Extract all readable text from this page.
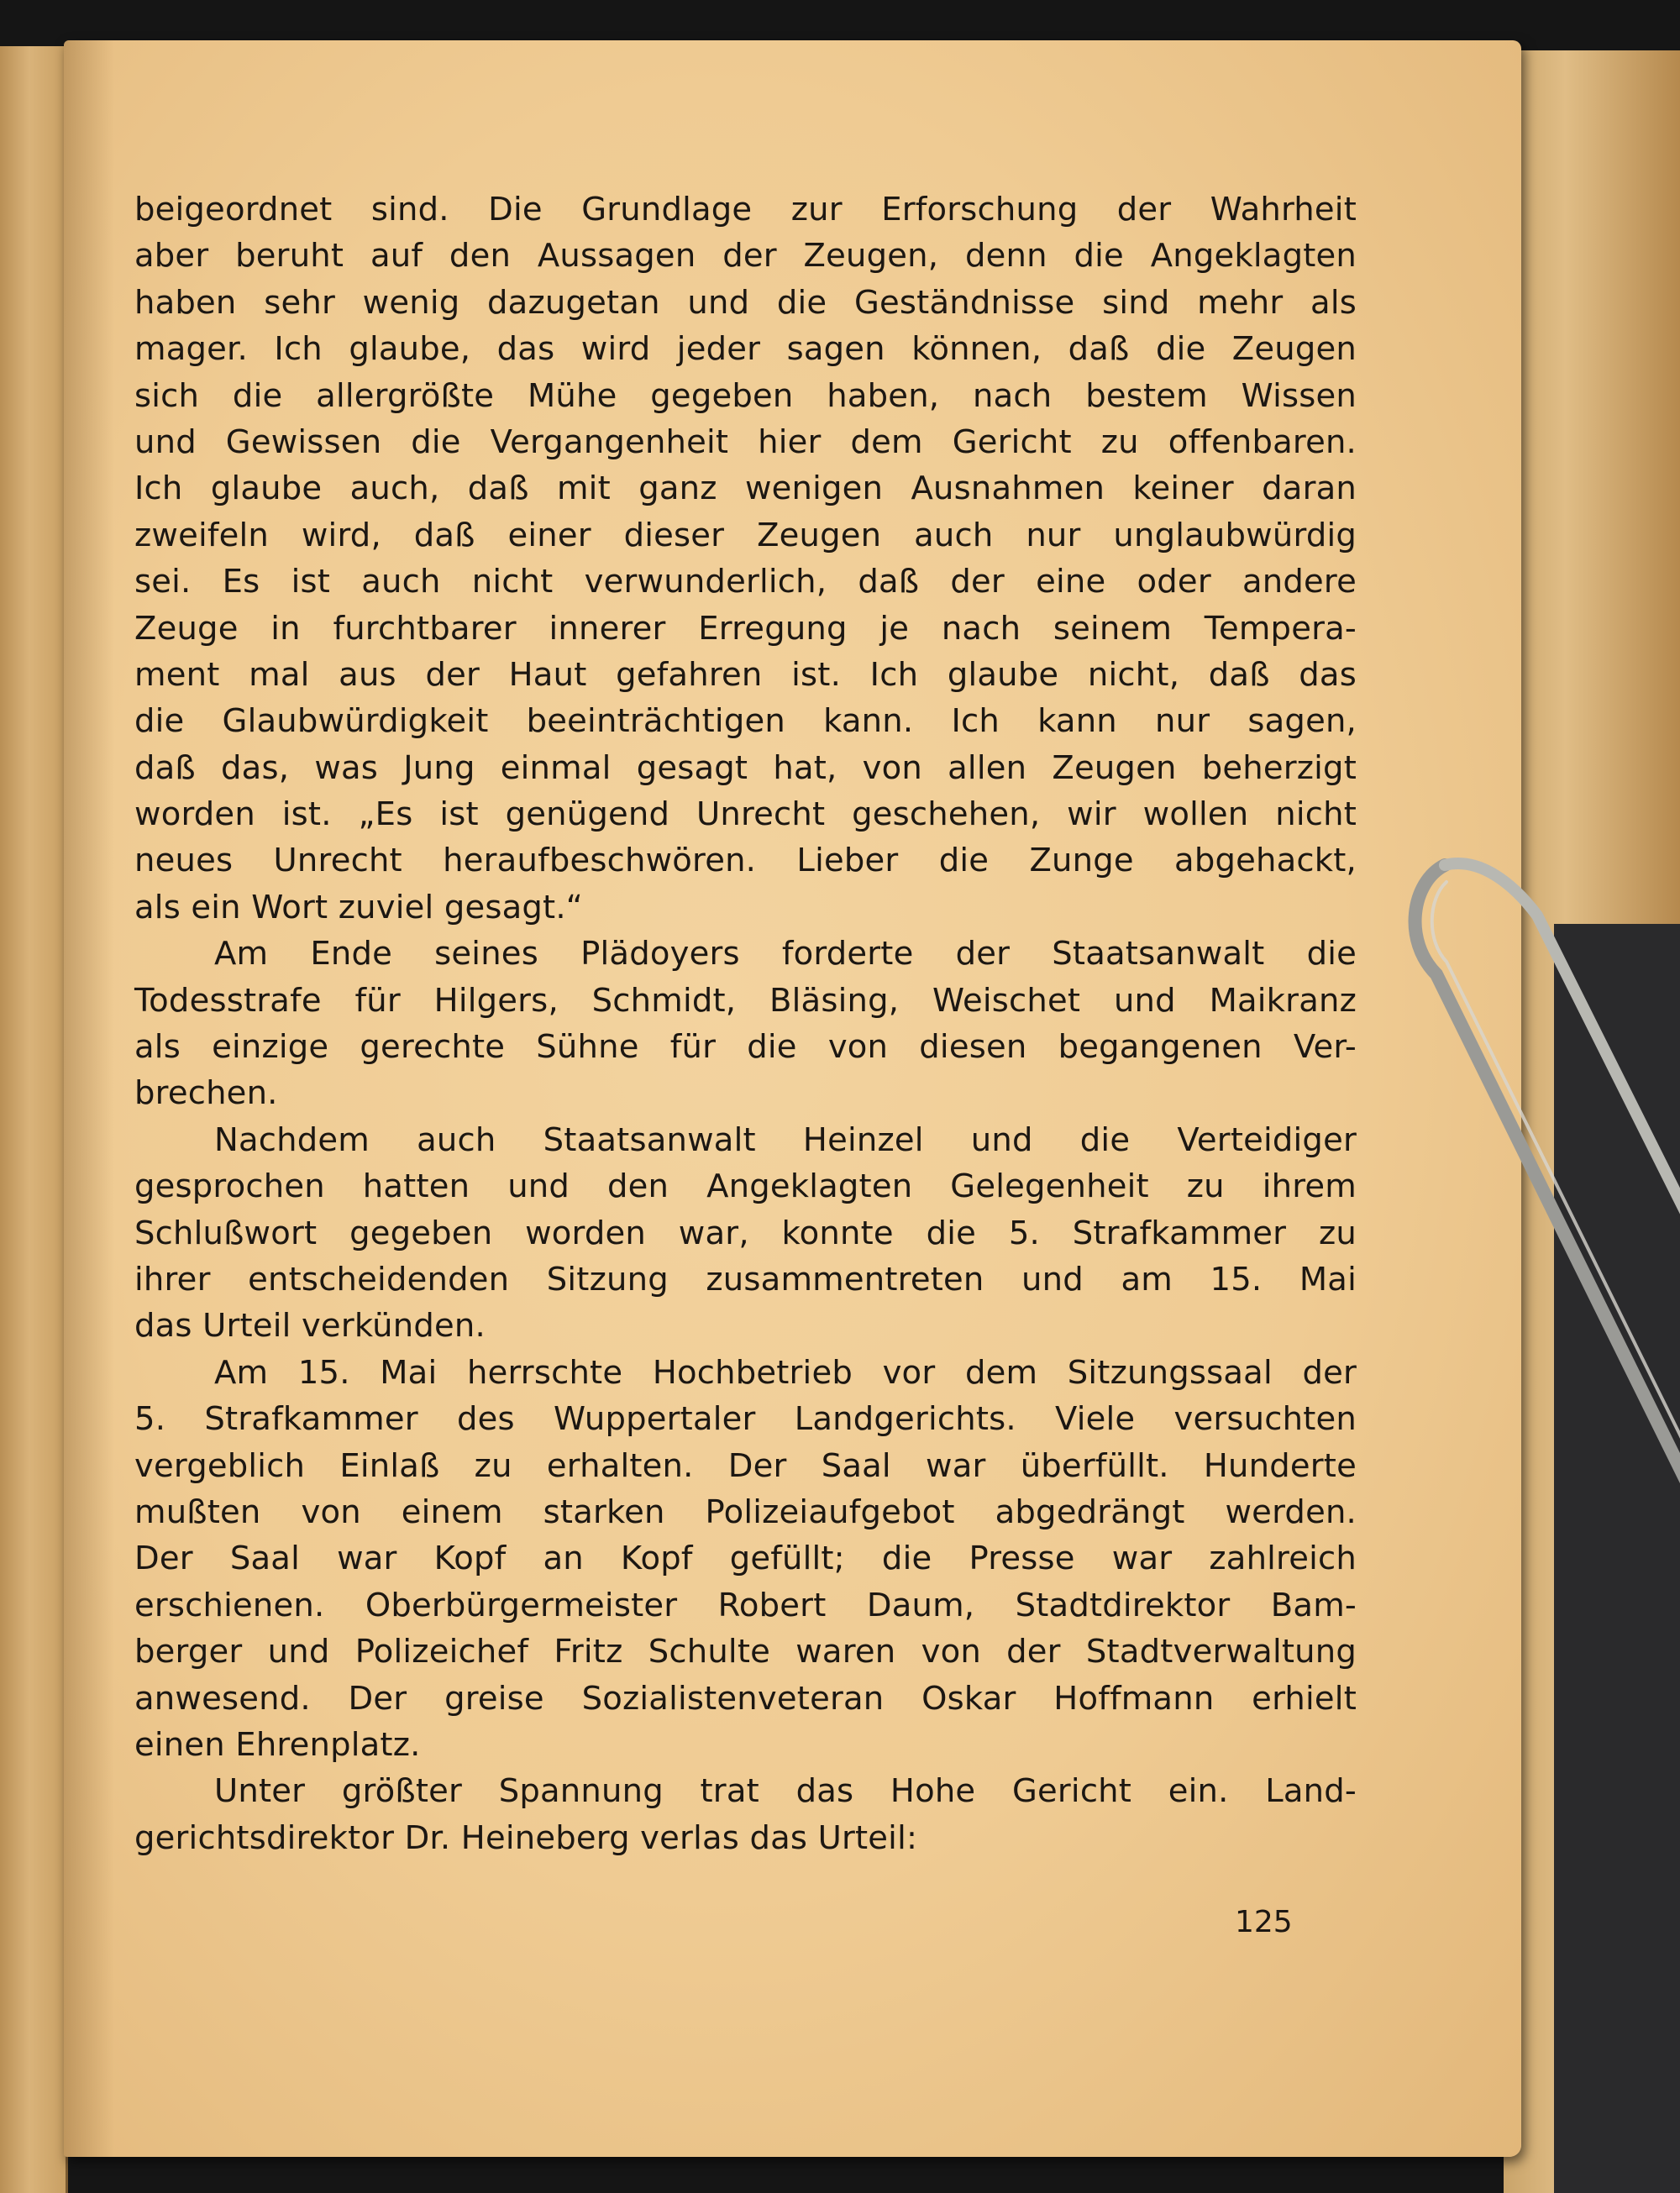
beigeordnet sind. Die Grundlage zur Erforschung der Wahrheit
aber beruht auf den Aussagen der Zeugen, denn die Angeklagten
haben sehr wenig dazugetan und die Geständnisse sind mehr als
mager. Ich glaube, das wird jeder sagen können, daß die Zeugen
sich die allergrößte Mühe gegeben haben, nach bestem Wissen
und Gewissen die Vergangenheit hier dem Gericht zu offenbaren.
Ich glaube auch, daß mit ganz wenigen Ausnahmen keiner daran
zweifeln wird, daß einer dieser Zeugen auch nur unglaubwürdig
sei. Es ist auch nicht verwunderlich, daß der eine oder andere
Zeuge in furchtbarer innerer Erregung je nach seinem Tempera-
ment mal aus der Haut gefahren ist. Ich glaube nicht, daß das
die Glaubwürdigkeit beeinträchtigen kann. Ich kann nur sagen,
daß das, was Jung einmal gesagt hat, von allen Zeugen beherzigt
worden ist. „Es ist genügend Unrecht geschehen, wir wollen nicht
neues Unrecht heraufbeschwören. Lieber die Zunge abgehackt,
als ein Wort zuviel gesagt.“
Am Ende seines Plädoyers forderte der Staatsanwalt die
Todesstrafe für Hilgers, Schmidt, Bläsing, Weischet und Maikranz
als einzige gerechte Sühne für die von diesen begangenen Ver-
brechen.
Nachdem auch Staatsanwalt Heinzel und die Verteidiger
gesprochen hatten und den Angeklagten Gelegenheit zu ihrem
Schlußwort gegeben worden war, konnte die 5. Strafkammer zu
ihrer entscheidenden Sitzung zusammentreten und am 15. Mai
das Urteil verkünden.
Am 15. Mai herrschte Hochbetrieb vor dem Sitzungssaal der
5. Strafkammer des Wuppertaler Landgerichts. Viele versuchten
vergeblich Einlaß zu erhalten. Der Saal war überfüllt. Hunderte
mußten von einem starken Polizeiaufgebot abgedrängt werden.
Der Saal war Kopf an Kopf gefüllt; die Presse war zahlreich
erschienen. Oberbürgermeister Robert Daum, Stadtdirektor Bam-
berger und Polizeichef Fritz Schulte waren von der Stadtverwaltung
anwesend. Der greise Sozialistenveteran Oskar Hoffmann erhielt
einen Ehrenplatz.
Unter größter Spannung trat das Hohe Gericht ein. Land-
gerichtsdirektor Dr. Heineberg verlas das Urteil:
125
